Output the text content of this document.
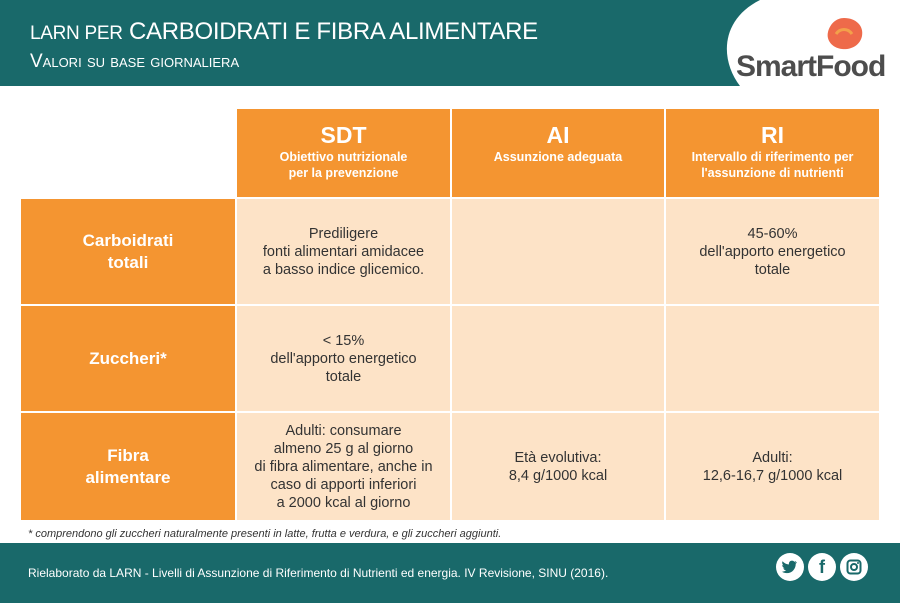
LARN PER CARBOIDRATI E FIBRA ALIMENTARE
Valori su base giornaliera	SmartFood
SDT
Obiettivo nutrizionale
per la prevenzione
AI
Assunzione adeguata
RI
Intervallo di riferimento per
l'assunzione di nutrienti
Carboidrati
totali
Prediligere
fonti alimentari amidacee
a basso indice glicemico.
45-60%
dell'apporto energetico
totale
Zuccheri*
< 15%
dell'apporto energetico
totale
Fibra
alimentare
Adulti: consumare
almeno 25 g al giorno
di fibra alimentare, anche in
caso di apporti inferiori
a 2000 kcal al giorno
Età evolutiva:
8,4 g/1000 kcal
Adulti:
12,6-16,7 g/1000 kcal
* comprendono gli zuccheri naturalmente presenti in latte, frutta e verdura, e gli zuccheri aggiunti.
Rielaborato da LARN - Livelli di Assunzione di Riferimento di Nutrienti ed energia. IV Revisione, SINU (2016).	f
